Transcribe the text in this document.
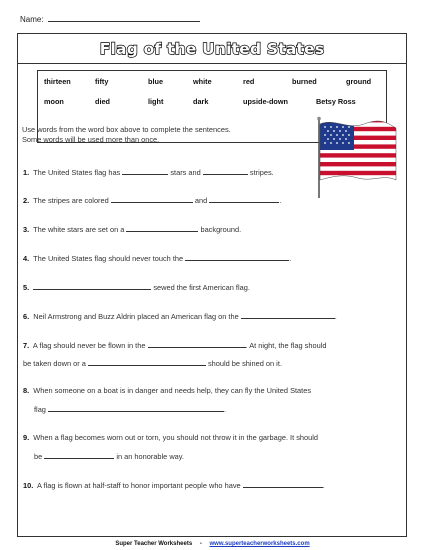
Name:
Flag of the United States
thirteen	fifty	blue	white	red	burned	ground
moon	died	light	dark	upside-down	Betsy Ross
Use words from the word box above to complete the sentences.
Some words will be used more than once.
1. The United States flag has	stars and	stripes.
2. The stripes are colored	and	.
3. The white stars are set on a	background.
4. The United States flag should never touch the	.
5.	sewed the first American flag.
6. Neil Armstrong and Buzz Aldrin placed an American flag on the	.
7. A flag should never be flown in the	. At night, the flag should
be taken down or a	should be shined on it.
8. When someone on a boat is in danger and needs help, they can fly the United States
flag	.
9. When a flag becomes worn out or torn, you should not throw it in the garbage. It should
be	in an honorable way.
10. A flag is flown at half-staff to honor important people who have	.
Super Teacher Worksheets - www.superteacherworksheets.com
